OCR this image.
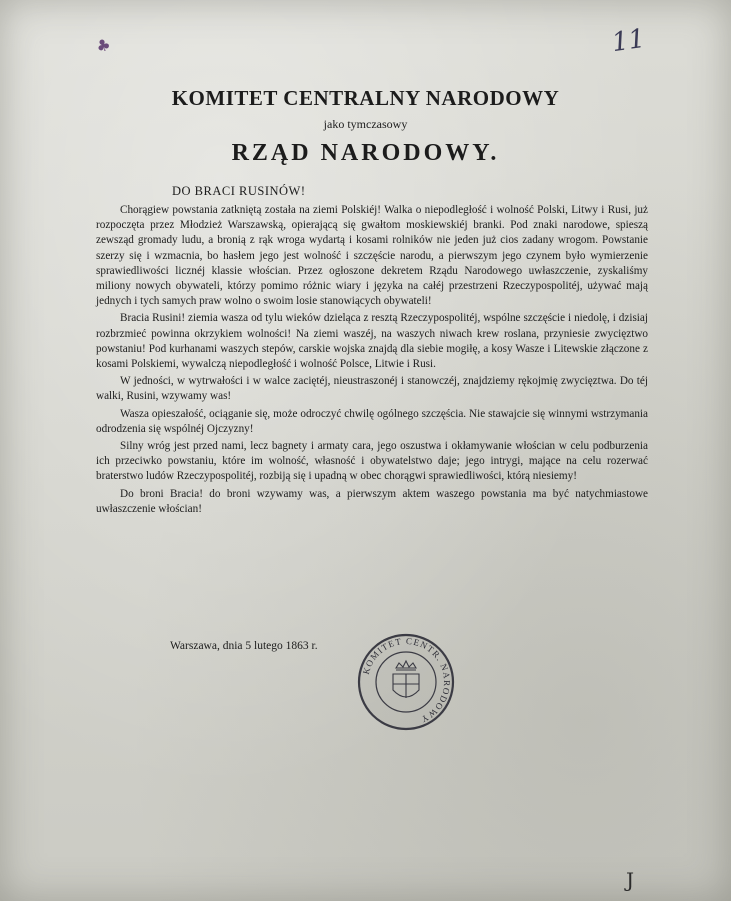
♣	11
KOMITET CENTRALNY NARODOWY
jako tymczasowy
RZĄD NARODOWY.
DO BRACI RUSINÓW!

Chorągiew powstania zatkniętą została na ziemi Polskiéj! Walka o niepodległość i wolność Polski, Litwy i Rusi, już rozpoczęta przez Młodzież Warszawską, opierającą się gwałtom moskiewskiéj branki. Pod znaki narodowe, spieszą zewsząd gromady ludu, a bronią z rąk wroga wydartą i kosami rolników nie jeden już cios zadany wrogom. Powstanie szerzy się i wzmacnia, bo hasłem jego jest wolność i szczęście narodu, a pierwszym jego czynem było wymierzenie sprawiedliwości licznéj klassie włościan. Przez ogłoszone dekretem Rządu Narodowego uwłaszczenie, zyskaliśmy miliony nowych obywateli, którzy pomimo różnic wiary i języka na całéj przestrzeni Rzeczypospolitéj, używać mają jednych i tych samych praw wolno o swoim losie stanowiących obywateli!

Bracia Rusini! ziemia wasza od tylu wieków dzieląca z resztą Rzeczypospolitéj, wspólne szczęście i niedolę, i dzisiaj rozbrzmieć powinna okrzykiem wolności! Na ziemi waszéj, na waszych niwach krew roslana, przyniesie zwycięztwo powstaniu! Pod kurhanami waszych stepów, carskie wojska znajdą dla siebie mogiłę, a kosy Wasze i Litewskie złączone z kosami Polskiemi, wywalczą niepodległość i wolność Polsce, Litwie i Rusi.

W jedności, w wytrwałości i w walce zaciętéj, nieustraszonéj i stanowczéj, znajdziemy rękojmię zwycięztwa. Do téj walki, Rusini, wzywamy was!

Wasza opieszałość, ociąganie się, może odroczyć chwilę ogólnego szczęścia. Nie stawajcie się winnymi wstrzymania odrodzenia się wspólnéj Ojczyzny!

Silny wróg jest przed nami, lecz bagnety i armaty cara, jego oszustwa i okłamywanie włościan w celu podburzenia ich przeciwko powstaniu, które im wolność, własność i obywatelstwo daje; jego intrygi, mające na celu rozerwać braterstwo ludów Rzeczypospolitéj, rozbiją się i upadną w obec chorągwi sprawiedliwości, którą niesiemy!

Do broni Bracia! do broni wzywamy was, a pierwszym aktem waszego powstania ma być natychmiastowe uwłaszczenie włościan!

Warszawa, dnia 5 lutego 1863 r.
KOMITET CENTR. NARODOWY
J
